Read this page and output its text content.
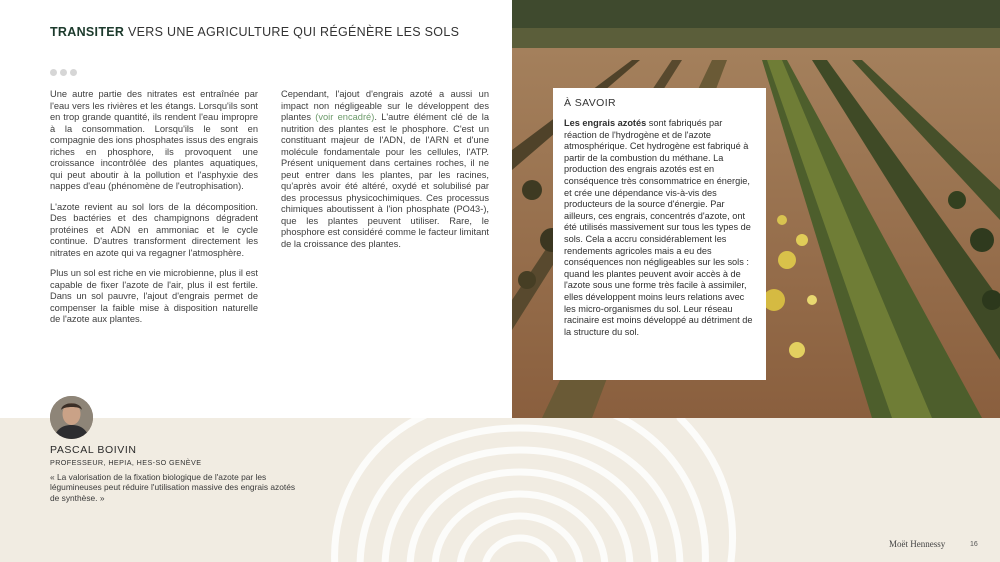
TRANSITER VERS UNE AGRICULTURE QUI RÉGÉNÈRE LES SOLS

Une autre partie des nitrates est entraînée par l'eau vers les rivières et les étangs. Lorsqu'ils sont en trop grande quantité, ils rendent l'eau impropre à la consommation. Lorsqu'ils le sont en compagnie des ions phosphates issus des engrais riches en phosphore, ils provoquent une croissance incontrôlée des plantes aquatiques, qui peut aboutir à la pollution et l'asphyxie des nappes d'eau (phénomène de l'eutrophisation).

L'azote revient au sol lors de la décomposition. Des bactéries et des champignons dégradent protéines et ADN en ammoniac et le cycle continue. D'autres transforment directement les nitrates en azote qui va regagner l'atmosphère.

Plus un sol est riche en vie microbienne, plus il est capable de fixer l'azote de l'air, plus il est fertile. Dans un sol pauvre, l'ajout d'engrais permet de compenser la faible mise à disposition naturelle de l'azote aux plantes.

Cependant, l'ajout d'engrais azoté a aussi un impact non négligeable sur le développent des plantes (voir encadré). L'autre élément clé de la nutrition des plantes est le phosphore. C'est un constituant majeur de l'ADN, de l'ARN et d'une molécule fondamentale pour les cellules, l'ATP. Présent uniquement dans certaines roches, il ne peut entrer dans les plantes, par les racines, qu'après avoir été altéré, oxydé et solubilisé par des processus physicochimiques. Ces processus chimiques aboutissent à l'ion phosphate (PO43-), que les plantes peuvent utiliser. Rare, le phosphore est considéré comme le facteur limitant de la croissance des plantes.

À SAVOIR
Les engrais azotés sont fabriqués par réaction de l'hydrogène et de l'azote atmosphérique. Cet hydrogène est fabriqué à partir de la combustion du méthane. La production des engrais azotés est en conséquence très consommatrice en énergie, et crée une dépendance vis-à-vis des producteurs de la source d'énergie. Par ailleurs, ces engrais, concentrés d'azote, ont été utilisés massivement sur tous les types de sols. Cela a accru considérablement les rendements agricoles mais a eu des conséquences non négligeables sur les sols : quand les plantes peuvent avoir accès à de l'azote sous une forme très facile à assimiler, elles développent moins leurs relations avec les micro-organismes du sol. Leur réseau racinaire est moins développé au détriment de la structure du sol.
PASCAL BOIVIN
PROFESSEUR, HEPIA, HES-SO GENÈVE
« La valorisation de la fixation biologique de l'azote par les légumineuses peut réduire l'utilisation massive des engrais azotés de synthèse. »
Moët Hennessy	16
